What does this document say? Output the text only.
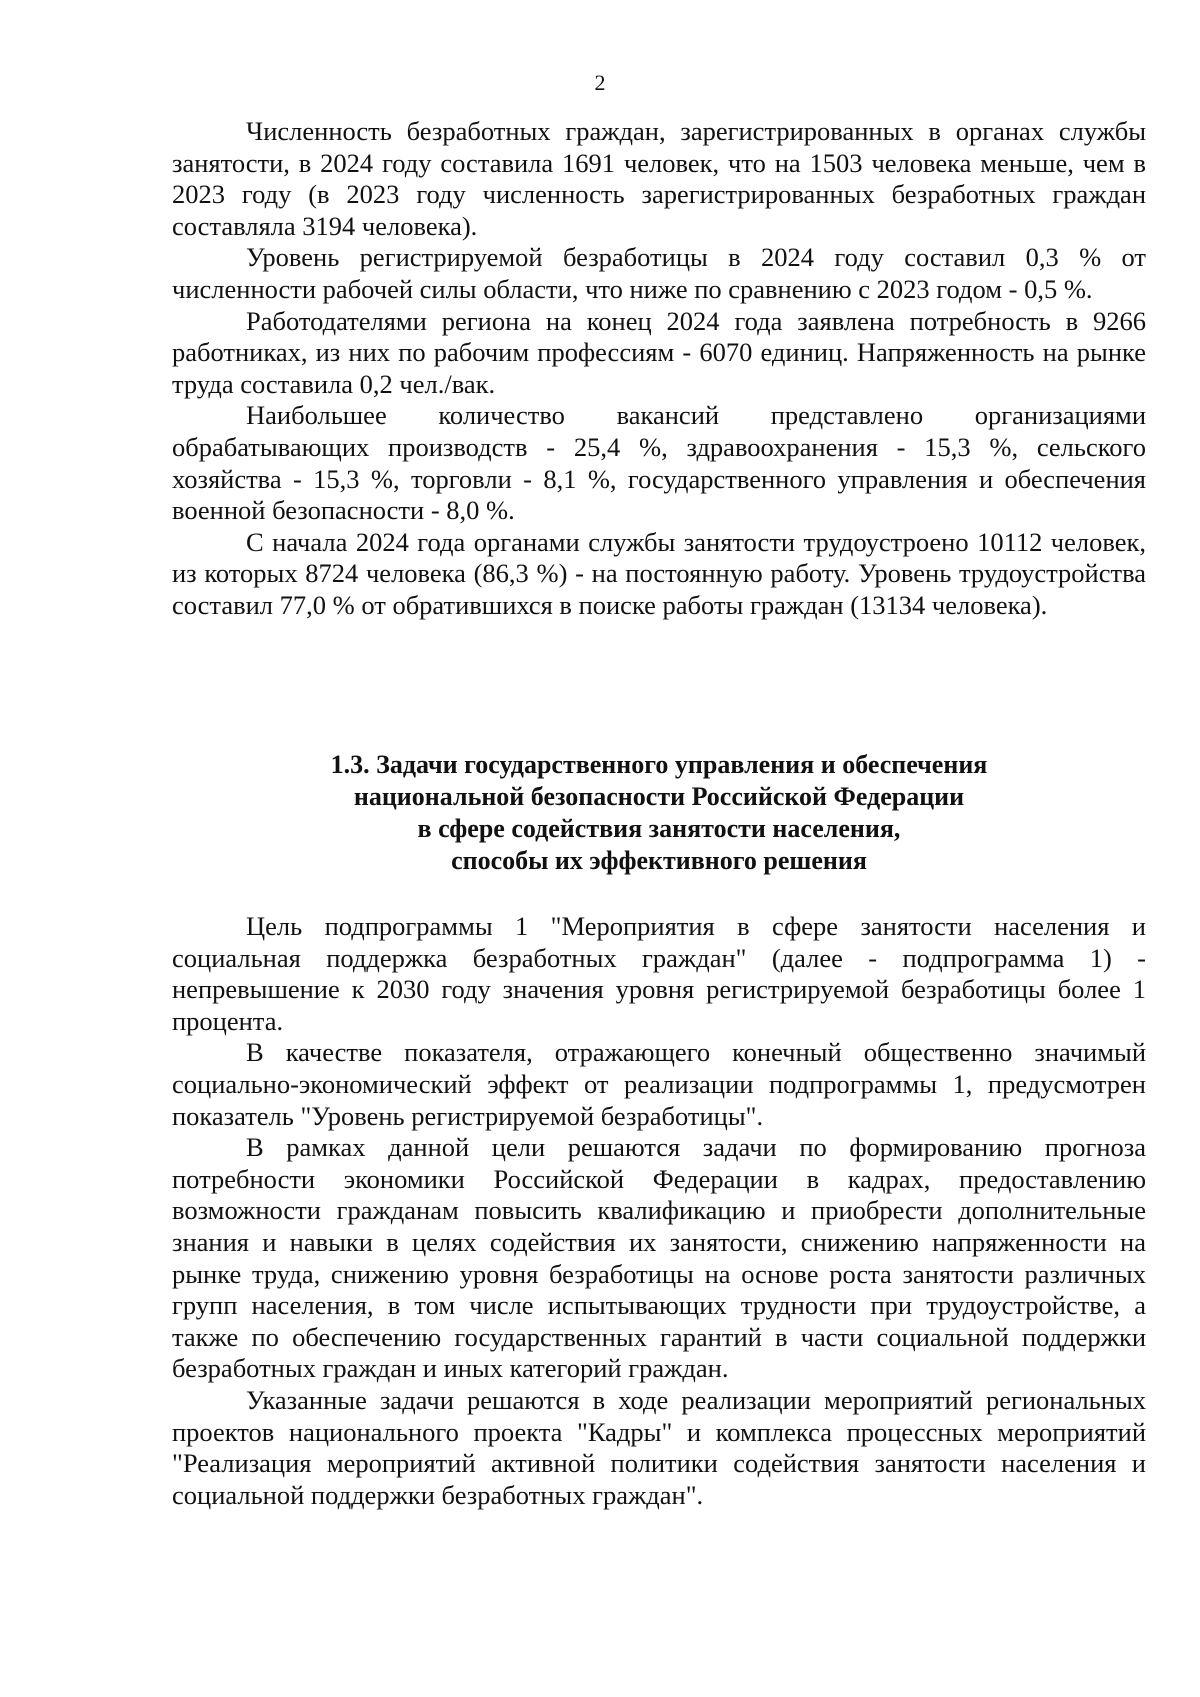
2

Численность безработных граждан, зарегистрированных в органах службы занятости, в 2024 году составила 1691 человек, что на 1503 человека меньше, чем в 2023 году (в 2023 году численность зарегистрированных безработных граждан составляла 3194 человека).

Уровень регистрируемой безработицы в 2024 году составил 0,3 % от численности рабочей силы области, что ниже по сравнению с 2023 годом - 0,5 %.

Работодателями региона на конец 2024 года заявлена потребность в 9266 работниках, из них по рабочим профессиям - 6070 единиц. Напряженность на рынке труда составила 0,2 чел./вак.

Наибольшее количество вакансий представлено организациями обрабатывающих производств - 25,4 %, здравоохранения - 15,3 %, сельского хозяйства - 15,3 %, торговли - 8,1 %, государственного управления и обеспечения военной безопасности - 8,0 %.

С начала 2024 года органами службы занятости трудоустроено 10112 человек, из которых 8724 человека (86,3 %) - на постоянную работу. Уровень трудоустройства составил 77,0 % от обратившихся в поиске работы граждан (13134 человека).

1.3. Задачи государственного управления и обеспечения
национальной безопасности Российской Федерации
в сфере содействия занятости населения,
способы их эффективного решения

Цель подпрограммы 1 "Мероприятия в сфере занятости населения и социальная поддержка безработных граждан" (далее - подпрограмма 1) - непревышение к 2030 году значения уровня регистрируемой безработицы более 1 процента.

В качестве показателя, отражающего конечный общественно значимый социально-экономический эффект от реализации подпрограммы 1, предусмотрен показатель "Уровень регистрируемой безработицы".

В рамках данной цели решаются задачи по формированию прогноза потребности экономики Российской Федерации в кадрах, предоставлению возможности гражданам повысить квалификацию и приобрести дополнительные знания и навыки в целях содействия их занятости, снижению напряженности на рынке труда, снижению уровня безработицы на основе роста занятости различных групп населения, в том числе испытывающих трудности при трудоустройстве, а также по обеспечению государственных гарантий в части социальной поддержки безработных граждан и иных категорий граждан.

Указанные задачи решаются в ходе реализации мероприятий региональных проектов национального проекта "Кадры" и комплекса процессных мероприятий "Реализация мероприятий активной политики содействия занятости населения и социальной поддержки безработных граждан".
